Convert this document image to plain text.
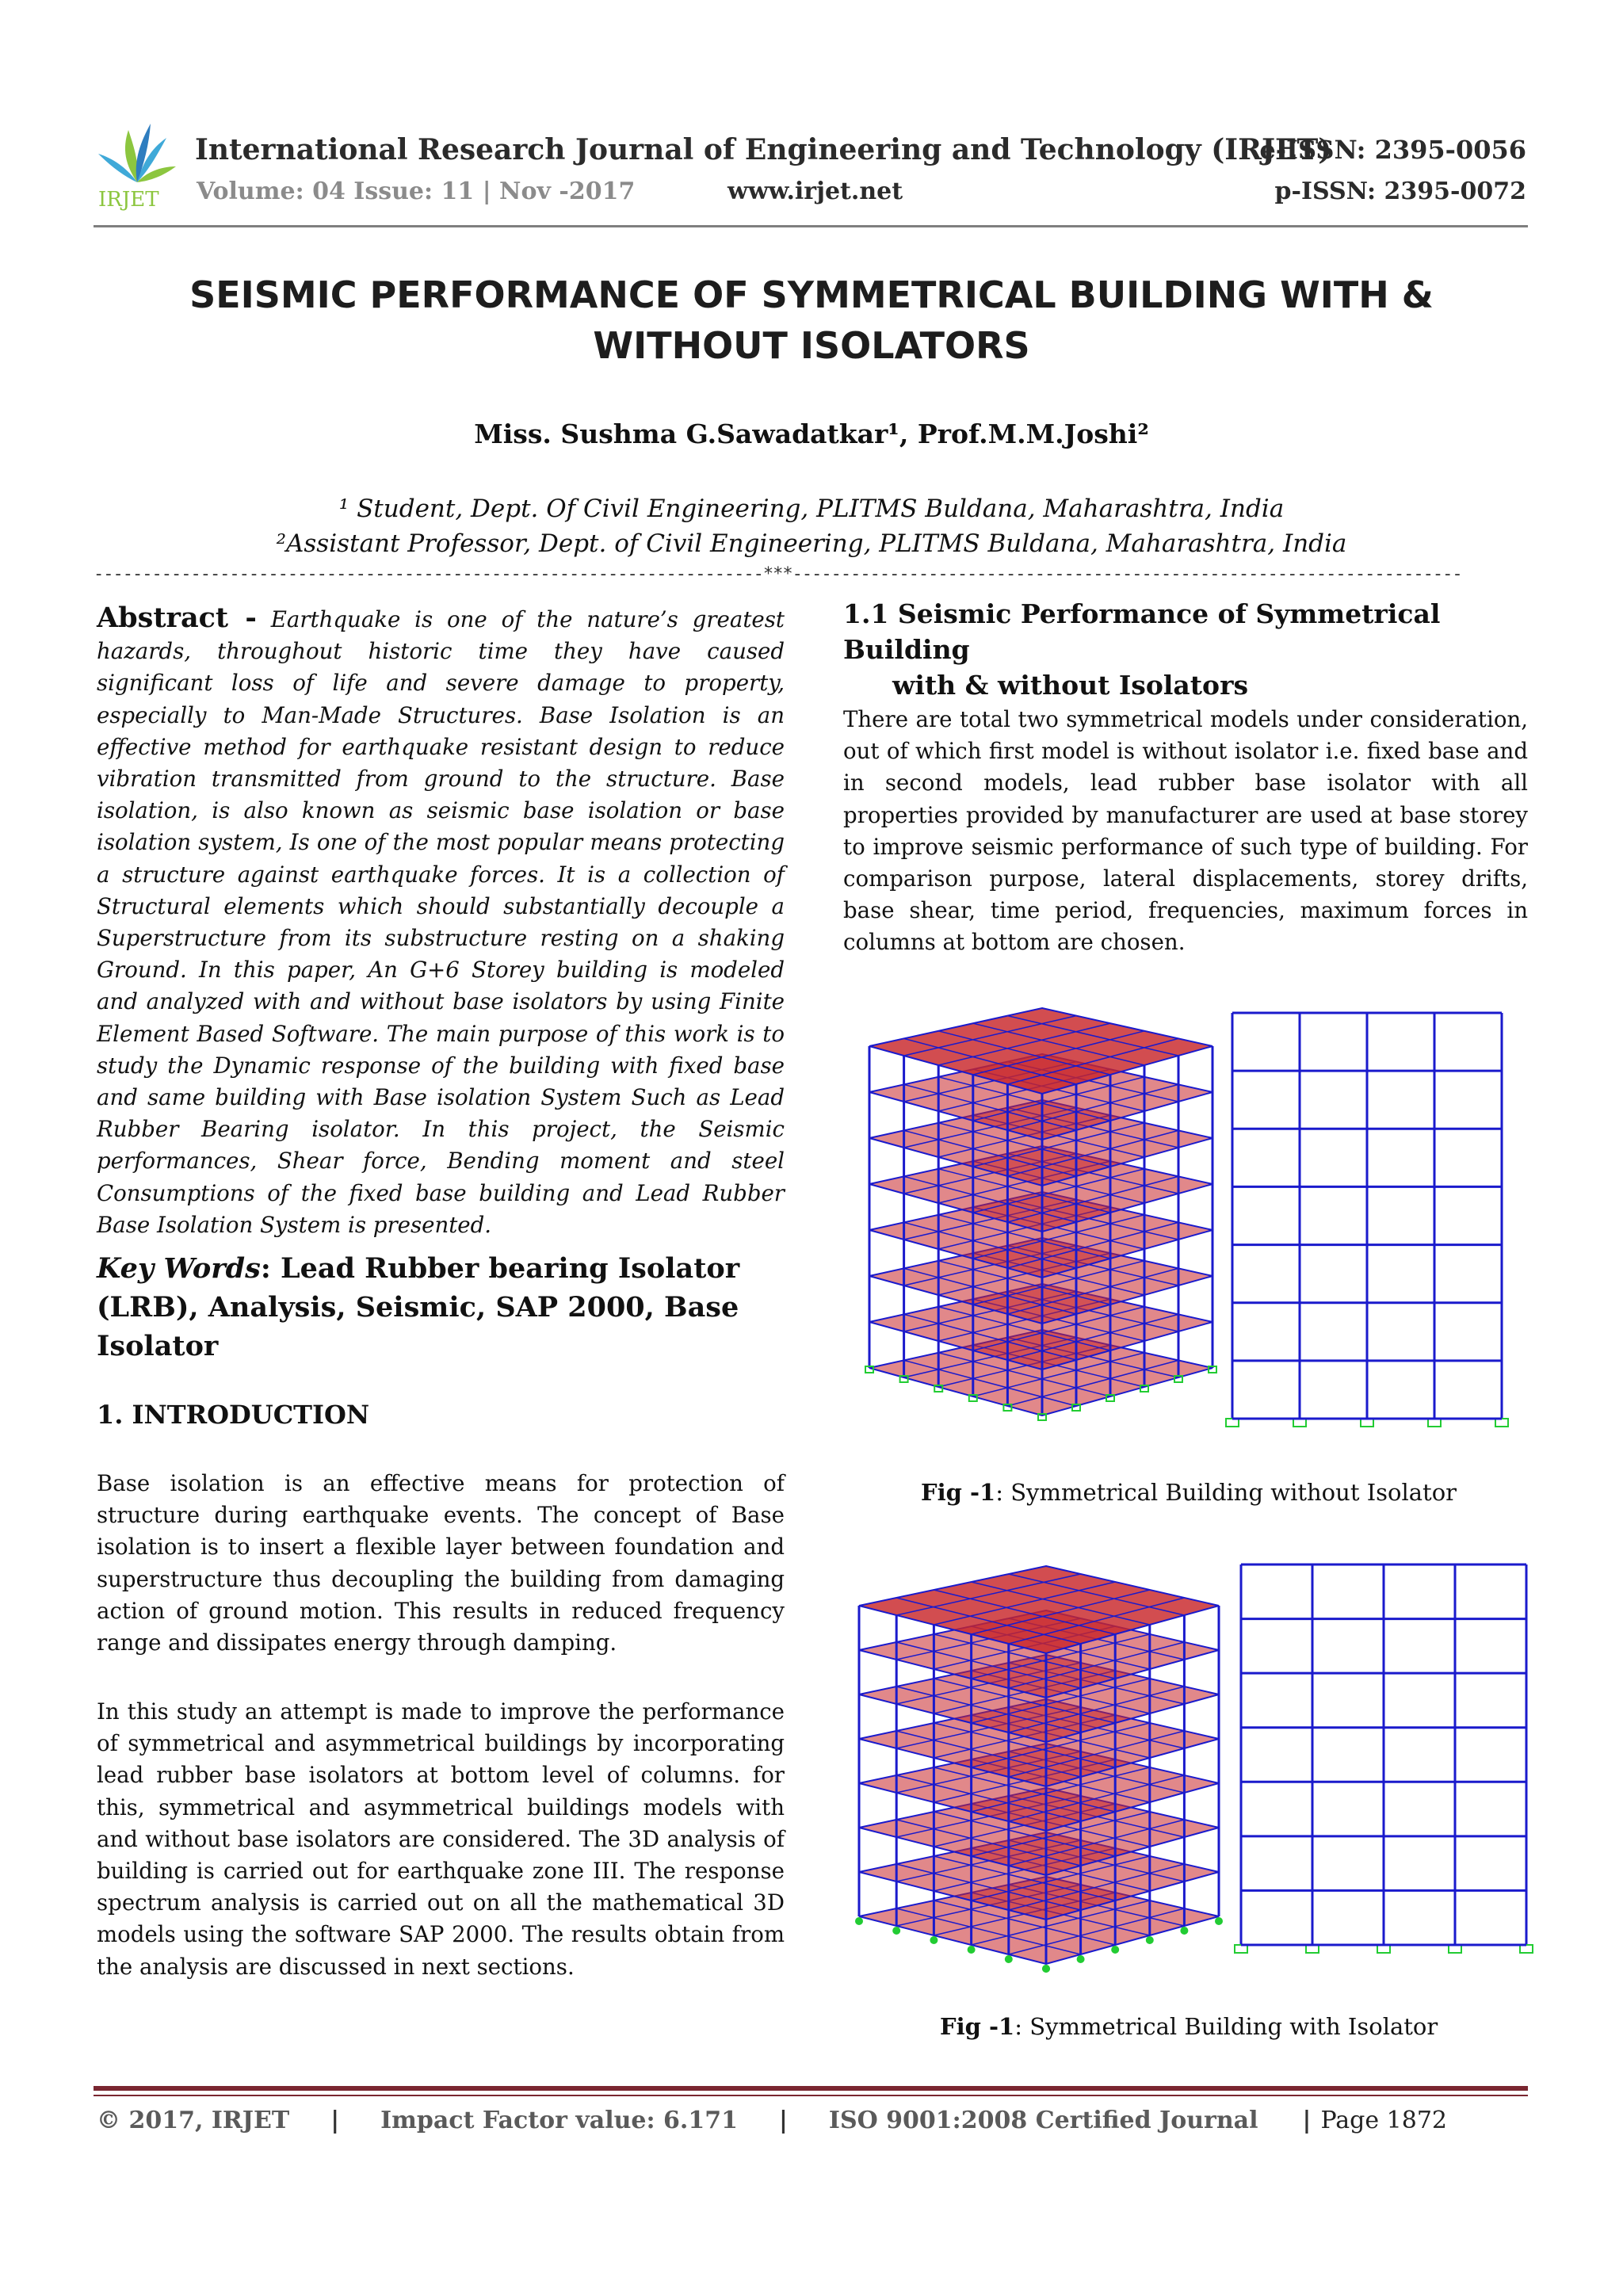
IRJET
International Research Journal of Engineering and Technology (IRJET)
e-ISSN: 2395-0056
Volume: 04 Issue: 11 | Nov -2017	www.irjet.net	p-ISSN: 2395-0072
SEISMIC PERFORMANCE OF SYMMETRICAL BUILDING WITH & WITHOUT ISOLATORS
Miss. Sushma G.Sawadatkar¹, Prof.M.M.Joshi²
¹ Student, Dept. Of Civil Engineering, PLITMS Buldana, Maharashtra, India
²Assistant Professor, Dept. of Civil Engineering, PLITMS Buldana, Maharashtra, India
---------------------------------------------------------------------***---------------------------------------------------------------------
Abstract - Earthquake is one of the nature’s greatest hazards, throughout historic time they have caused significant loss of life and severe damage to property, especially to Man-Made Structures. Base Isolation is an effective method for earthquake resistant design to reduce vibration transmitted from ground to the structure. Base isolation, is also known as seismic base isolation or base isolation system, Is one of the most popular means protecting a structure against earthquake forces. It is a collection of Structural elements which should substantially decouple a Superstructure from its substructure resting on a shaking Ground. In this paper, An G+6 Storey building is modeled and analyzed with and without base isolators by using Finite Element Based Software. The main purpose of this work is to study the Dynamic response of the building with fixed base and same building with Base isolation System Such as Lead Rubber Bearing isolator. In this project, the Seismic performances, Shear force, Bending moment and steel Consumptions of the fixed base building and Lead Rubber Base Isolation System is presented.
Key Words: Lead Rubber bearing Isolator (LRB), Analysis, Seismic, SAP 2000, Base Isolator
1. INTRODUCTION
Base isolation is an effective means for protection of structure during earthquake events. The concept of Base isolation is to insert a flexible layer between foundation and superstructure thus decoupling the building from damaging action of ground motion. This results in reduced frequency range and dissipates energy through damping.
In this study an attempt is made to improve the performance of symmetrical and asymmetrical buildings by incorporating lead rubber base isolators at bottom level of columns. for this, symmetrical and asymmetrical buildings models with and without base isolators are considered. The 3D analysis of building is carried out for earthquake zone III. The response spectrum analysis is carried out on all the mathematical 3D models using the software SAP 2000. The results obtain from the analysis are discussed in next sections.
1.1 Seismic Performance of Symmetrical Building
with & without Isolators
There are total two symmetrical models under consideration, out of which first model is without isolator i.e. fixed base and in second models, lead rubber base isolator with all properties provided by manufacturer are used at base storey to improve seismic performance of such type of building. For comparison purpose, lateral displacements, storey drifts, base shear, time period, frequencies, maximum forces in columns at bottom are chosen.
Fig -1: Symmetrical Building without Isolator
Fig -1: Symmetrical Building with Isolator
© 2017, IRJET | Impact Factor value: 6.171 | ISO 9001:2008 Certified Journal | Page 1872
